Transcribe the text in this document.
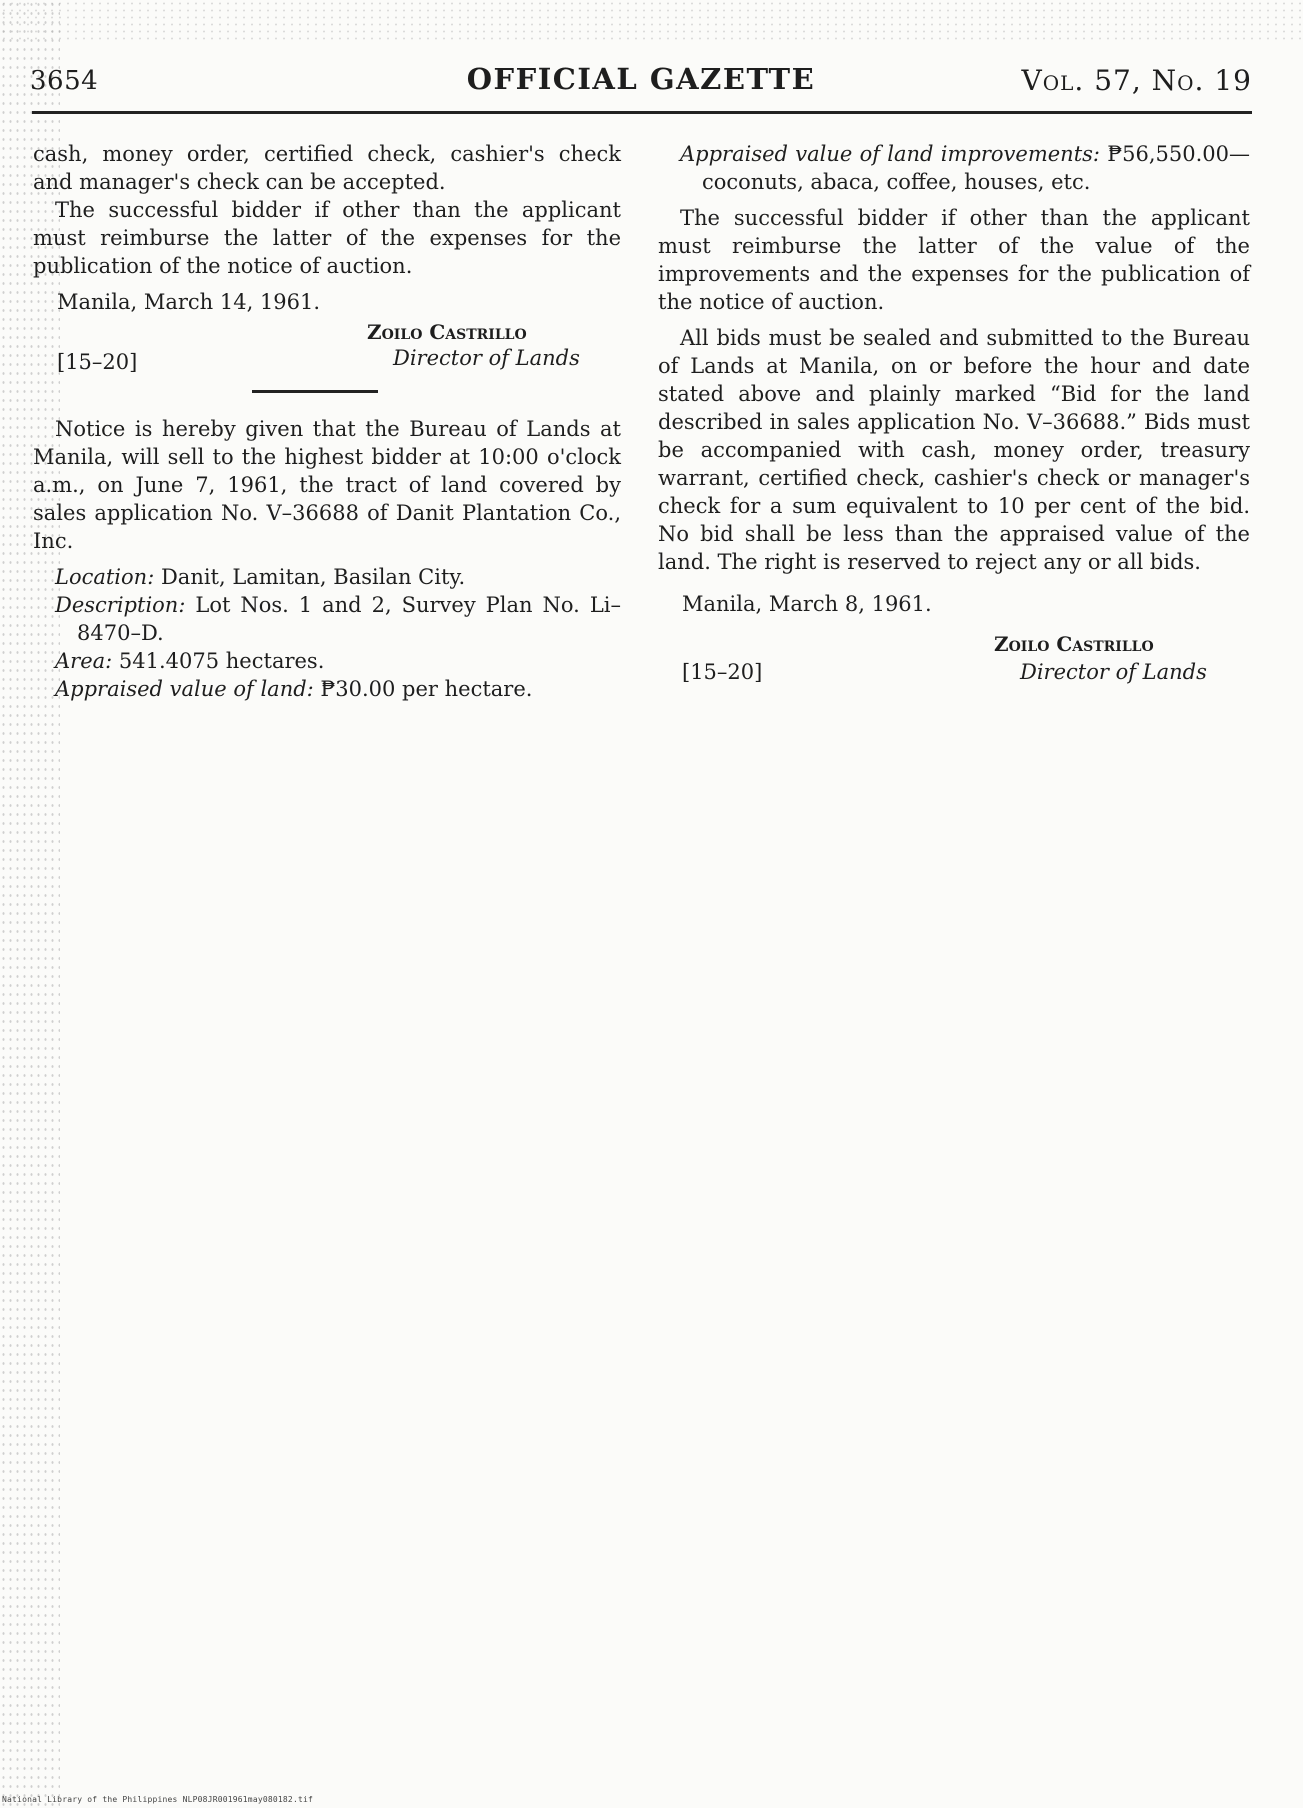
3654	OFFICIAL GAZETTE	Vol. 57, No. 19

cash, money order, certified check, cashier's check and manager's check can be accepted.

The successful bidder if other than the applicant must reimburse the latter of the expenses for the publication of the notice of auction.

Manila, March 14, 1961.

Zoilo Castrillo
Director of Lands
[15–20]

Notice is hereby given that the Bureau of Lands at Manila, will sell to the highest bidder at 10:00 o'clock a.m., on June 7, 1961, the tract of land covered by sales application No. V–36688 of Danit Plantation Co., Inc.

Location: Danit, Lamitan, Basilan City.

Description: Lot Nos. 1 and 2, Survey Plan No. Li–8470–D.

Area: 541.4075 hectares.

Appraised value of land: ₱30.00 per hectare.

Appraised value of land improvements: ₱56,550.00—coconuts, abaca, coffee, houses, etc.

The successful bidder if other than the applicant must reimburse the latter of the value of the improvements and the expenses for the publication of the notice of auction.

All bids must be sealed and submitted to the Bureau of Lands at Manila, on or before the hour and date stated above and plainly marked “Bid for the land described in sales application No. V–36688.” Bids must be accompanied with cash, money order, treasury warrant, certified check, cashier's check or manager's check for a sum equivalent to 10 per cent of the bid. No bid shall be less than the appraised value of the land. The right is reserved to reject any or all bids.

Manila, March 8, 1961.

Zoilo Castrillo
Director of Lands
[15–20]
National Library of the Philippines NLP08JR001961may080182.tif
